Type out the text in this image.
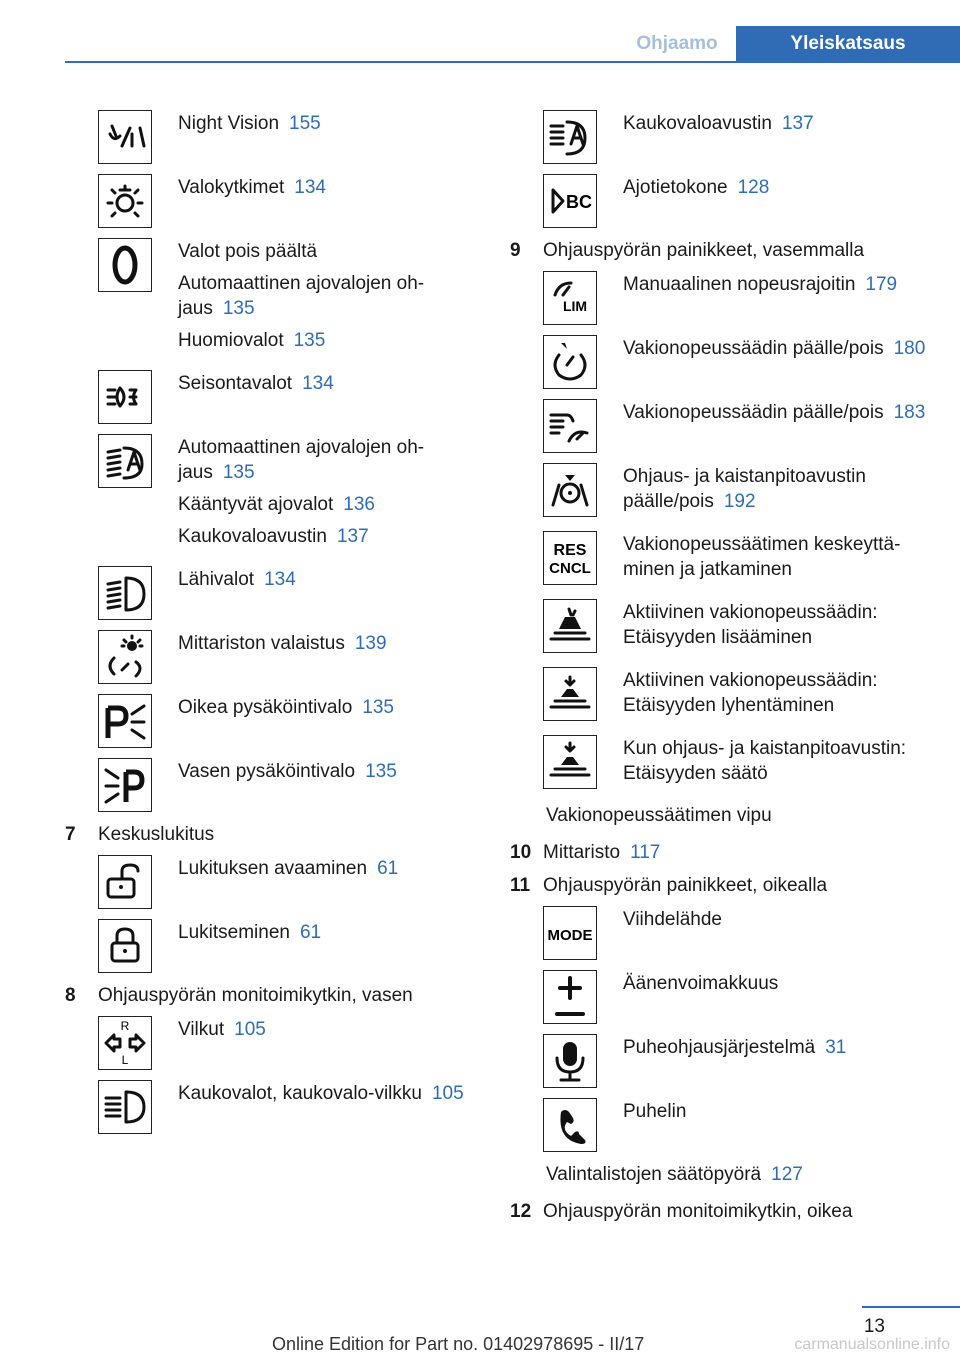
Ohjaamo	Yleiskatsaus

Night Vision 155

Valokytkimet 134

Valot pois päältä

Automaattinen ajovalojen oh-jaus 135

Huomiovalot 135

Seisontavalot 134

Automaattinen ajovalojen oh-jaus 135

Kääntyvät ajovalot 136

Kaukovaloavustin 137

Lähivalot 134

Mittariston valaistus 139

Oikea pysäköintivalo 135

Vasen pysäköintivalo 135

7	Keskuslukitus

Lukituksen avaaminen 61

Lukitseminen 61

8	Ohjauspyörän monitoimikytkin, vasen
R
L

Vilkut 105

Kaukovalot, kaukovalo-vilkku 105

Kaukovaloavustin 137

BC

Ajotietokone 128

9	Ohjauspyörän painikkeet, vasemmalla
LIM

Manuaalinen nopeusrajoitin 179

Vakionopeussäädin päälle/pois 180

Vakionopeussäädin päälle/pois 183

Ohjaus- ja kaistanpitoavustin päälle/pois 192

RES
CNCL

Vakionopeussäätimen keskeyttä-minen ja jatkaminen

Aktiivinen vakionopeussäädin: Etäisyyden lisääminen

Aktiivinen vakionopeussäädin: Etäisyyden lyhentäminen

Kun ohjaus- ja kaistanpitoavustin: Etäisyyden säätö

Vakionopeussäätimen vipu
10 Mittaristo 117
11 Ohjauspyörän painikkeet, oikealla
MODE

Viihdelähde

Äänenvoimakkuus

Puheohjausjärjestelmä 31

Puhelin

Valintalistojen säätöpyörä 127
12 Ohjauspyörän monitoimikytkin, oikea
13
Online Edition for Part no. 01402978695 - II/17	carmanualsonline.info
